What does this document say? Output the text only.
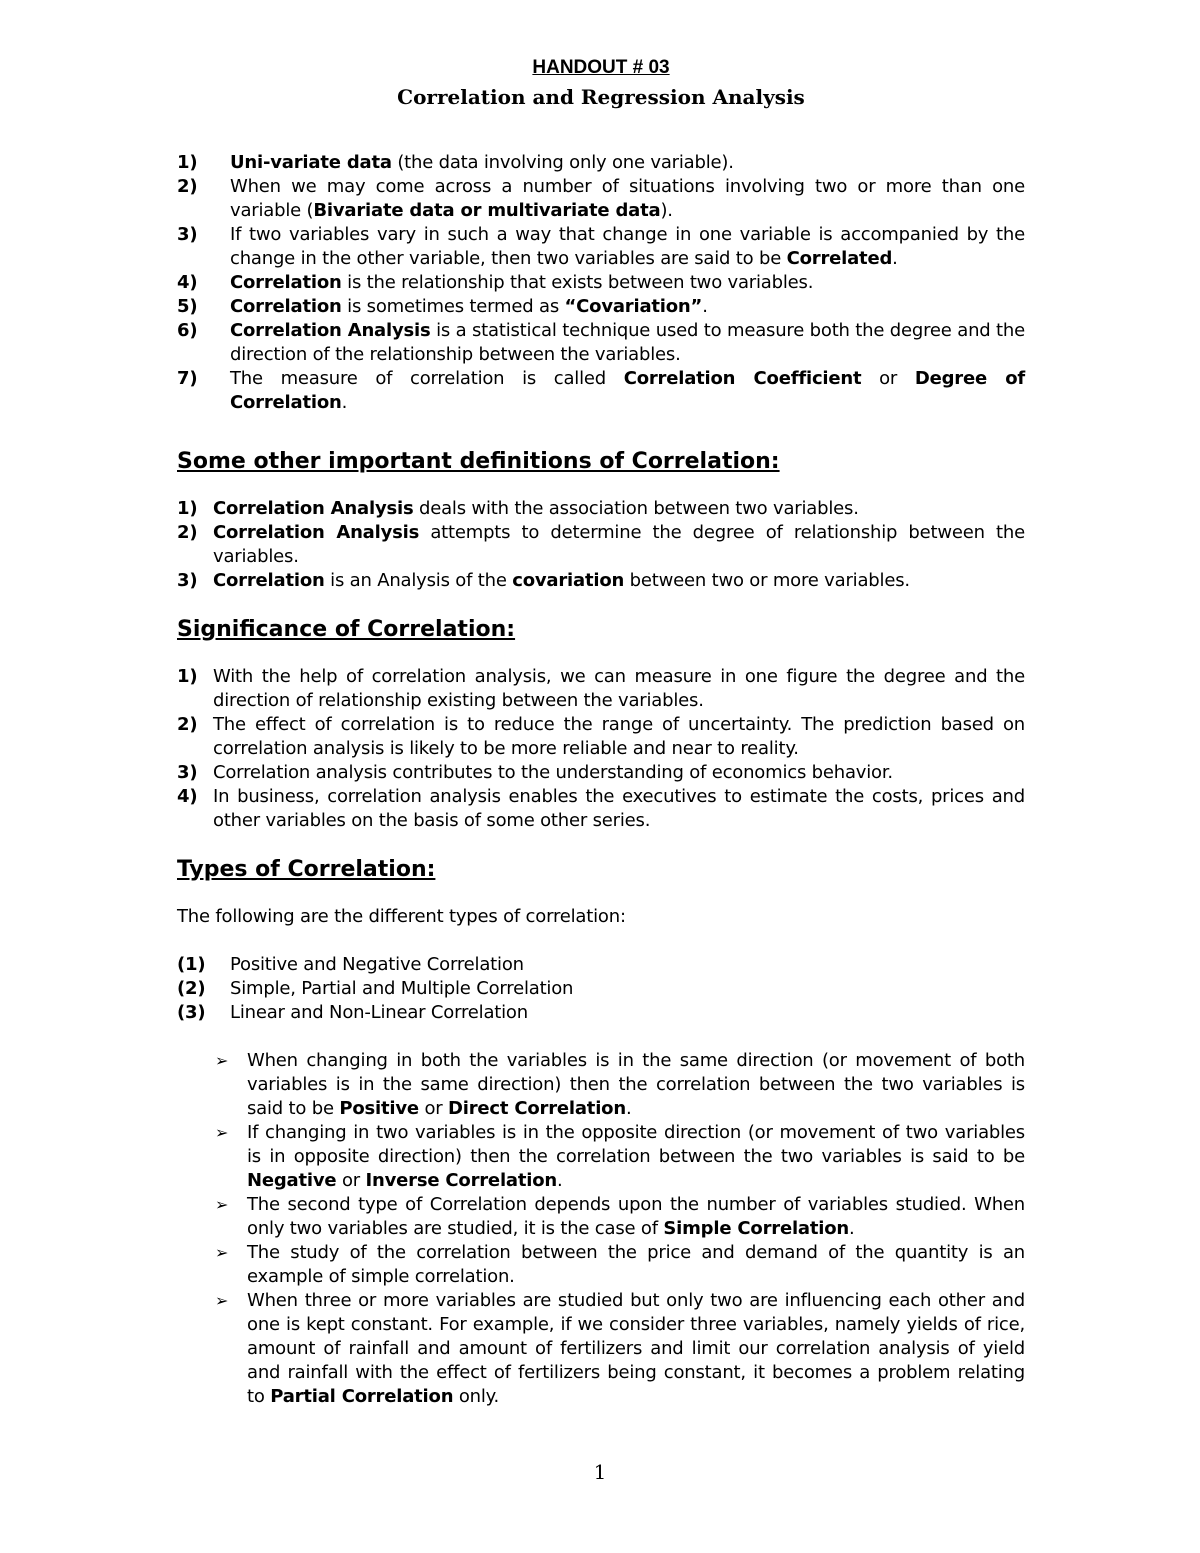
HANDOUT # 03

Correlation and Regression Analysis

1) Uni-variate data (the data involving only one variable).
2) When we may come across a number of situations involving two or more than one variable (Bivariate data or multivariate data).
3) If two variables vary in such a way that change in one variable is accompanied by the change in the other variable, then two variables are said to be Correlated.
4) Correlation is the relationship that exists between two variables.
5) Correlation is sometimes termed as “Covariation”.
6) Correlation Analysis is a statistical technique used to measure both the degree and the direction of the relationship between the variables.
7) The measure of correlation is called Correlation Coefficient or Degree of Correlation.
Some other important definitions of Correlation:
1) Correlation Analysis deals with the association between two variables.
2) Correlation Analysis attempts to determine the degree of relationship between the variables.
3) Correlation is an Analysis of the covariation between two or more variables.
Significance of Correlation:
1) With the help of correlation analysis, we can measure in one figure the degree and the direction of relationship existing between the variables.
2) The effect of correlation is to reduce the range of uncertainty. The prediction based on correlation analysis is likely to be more reliable and near to reality.
3) Correlation analysis contributes to the understanding of economics behavior.
4) In business, correlation analysis enables the executives to estimate the costs, prices and other variables on the basis of some other series.
Types of Correlation:

The following are the different types of correlation:

(1) Positive and Negative Correlation
(2) Simple, Partial and Multiple Correlation
(3) Linear and Non-Linear Correlation
➢ When changing in both the variables is in the same direction (or movement of both variables is in the same direction) then the correlation between the two variables is said to be Positive or Direct Correlation.
➢ If changing in two variables is in the opposite direction (or movement of two variables is in opposite direction) then the correlation between the two variables is said to be Negative or Inverse Correlation.
➢ The second type of Correlation depends upon the number of variables studied. When only two variables are studied, it is the case of Simple Correlation.
➢ The study of the correlation between the price and demand of the quantity is an example of simple correlation.
➢ When three or more variables are studied but only two are influencing each other and one is kept constant. For example, if we consider three variables, namely yields of rice, amount of rainfall and amount of fertilizers and limit our correlation analysis of yield and rainfall with the effect of fertilizers being constant, it becomes a problem relating to Partial Correlation only.
1
